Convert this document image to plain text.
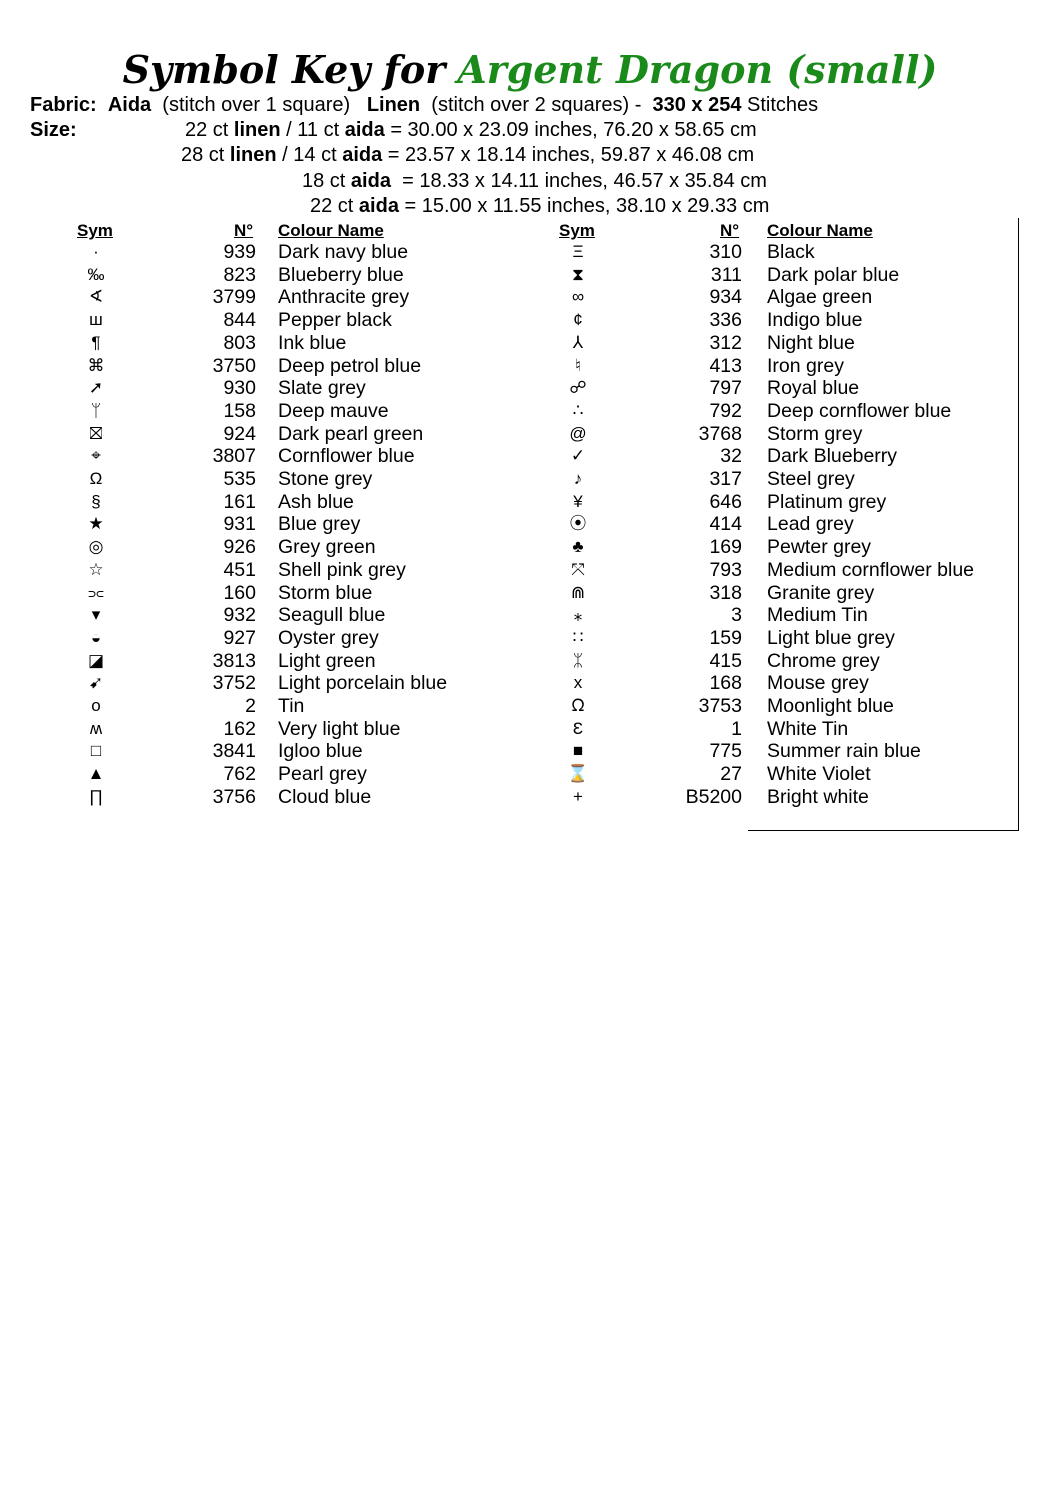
Symbol Key for Argent Dragon (small)
Fabric: Aida (stitch over 1 square) Linen (stitch over 2 squares) - 330 x 254 Stitches
Size:	22 ct linen / 11 ct aida = 30.00 x 23.09 inches, 76.20 x 58.65 cm
28 ct linen / 14 ct aida = 23.57 x 18.14 inches, 59.87 x 46.08 cm
18 ct aida = 18.33 x 14.11 inches, 46.57 x 35.84 cm
22 ct aida = 15.00 x 11.55 inches, 38.10 x 29.33 cm
Sym	N° Colour Name	Sym	N° Colour Name
·	939 Dark navy blue
‰	823 Blueberry blue
∢	3799 Anthracite grey
ш	844 Pepper black
¶	803 Ink blue
⌘	3750 Deep petrol blue
➚	930 Slate grey
ᛘ	158 Deep mauve
⛝	924 Dark pearl green
⌖	3807 Cornflower blue
Ω	535 Stone grey
§	161 Ash blue
★	931 Blue grey
◎	926 Grey green
☆	451 Shell pink grey
⫗	160 Storm blue
▾	932 Seagull blue
◒	927 Oyster grey
◪	3813 Light green
➹	3752 Light porcelain blue
o	2 Tin
ʍ	162 Very light blue
□	3841 Igloo blue
▲	762 Pearl grey
∏	3756 Cloud blue
Ξ	310 Black
⧗	311 Dark polar blue
∞	934 Algae green
¢	336 Indigo blue
⅄	312 Night blue
♮	413 Iron grey
☍	797 Royal blue
∴	792 Deep cornflower blue
@	3768 Storm grey
✓	32 Dark Blueberry
♪	317 Steel grey
¥	646 Platinum grey
⦿	414 Lead grey
♣	169 Pewter grey
⤧	793 Medium cornflower blue
⋒	318 Granite grey
⁎	3 Medium Tin
∷	159 Light blue grey
ᛯ	415 Chrome grey
x	168 Mouse grey
ᘯ	3753 Moonlight blue
Ɛ	1 White Tin
■	775 Summer rain blue
⌛	27 White Violet
+	B5200 Bright white
